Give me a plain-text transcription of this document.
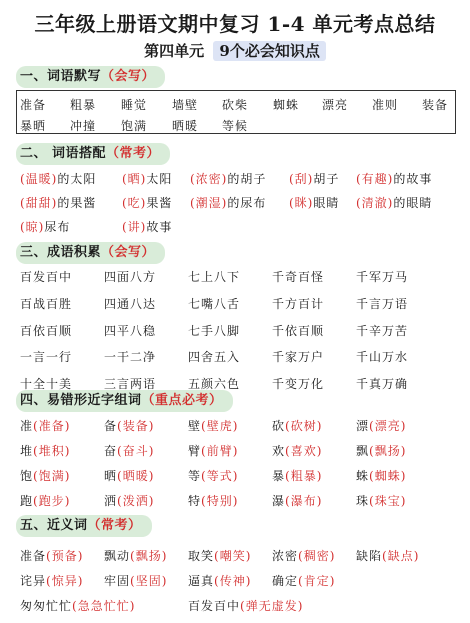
三年级上册语文期中复习 1-4 单元考点总结
第四单元 9个必会知识点
一、词语默写（会写）
二、 词语搭配（常考）
三、成语积累（会写）
四、易错形近字组词（重点必考）
五、近义词（常考）
准备 粗暴 睡觉 墙壁 砍柴 蜘蛛 漂亮 准则 装备
暴晒 冲撞 饱满 晒暖 等候
(温暖)的太阳 (晒)太阳 (浓密)的胡子 (刮)胡子 (有趣)的故事
(甜甜)的果酱 (吃)果酱 (潮湿)的尿布 (眯)眼睛 (清澈)的眼睛
(晾)尿布	(讲)故事
百发百中	四面八方	七上八下	千奇百怪	千军万马
百战百胜	四通八达	七嘴八舌	千方百计	千言万语
百依百顺	四平八稳	七手八脚	千依百顺	千辛万苦
一言一行	一干二净	四舍五入	千家万户	千山万水
十全十美	三言两语	五颜六色	千变万化	千真万确
准(准备)	备(装备)	壁(壁虎)	砍(砍树)	漂(漂亮)
堆(堆积)	奋(奋斗)	臂(前臂)	欢(喜欢)	飘(飘扬)
饱(饱满)	晒(晒暖)	等(等式)	暴(粗暴)	蛛(蜘蛛)
跑(跑步)	洒(泼洒)	特(特别)	瀑(瀑布)	珠(珠宝)
准备(预备) 飘动(飘扬) 取笑(嘲笑) 浓密(稠密) 缺陷(缺点)
诧异(惊异) 牢固(坚固) 逼真(传神) 确定(肯定)
匆匆忙忙(急急忙忙)	百发百中(弹无虚发)
